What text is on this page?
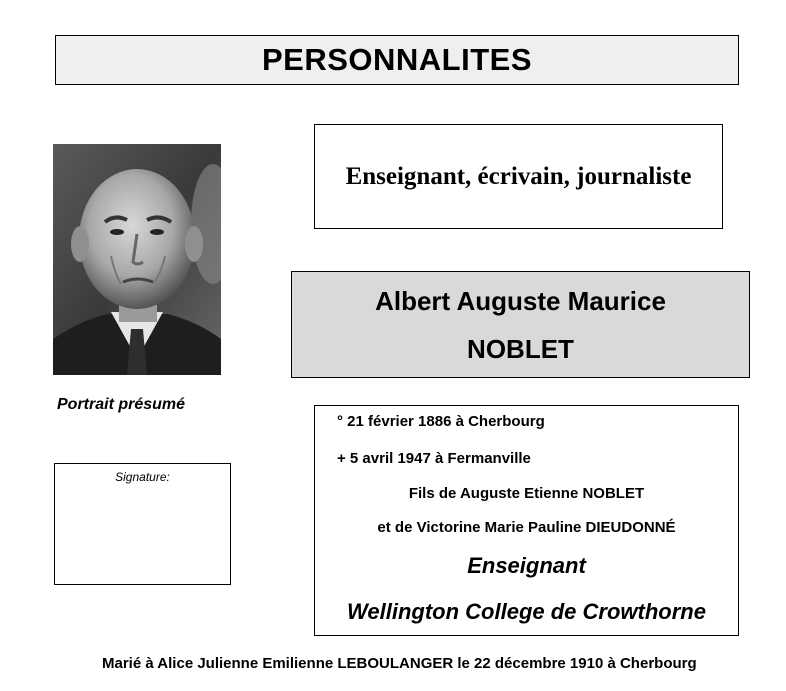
PERSONNALITES
Portrait présumé
Signature:
Enseignant, écrivain, journaliste
Albert Auguste Maurice
NOBLET
° 21 février 1886 à Cherbourg
+ 5 avril 1947 à Fermanville
Fils de Auguste Etienne NOBLET
et de Victorine Marie Pauline DIEUDONNÉ
Enseignant
Wellington College de Crowthorne
Marié à Alice Julienne Emilienne LEBOULANGER le 22 décembre 1910 à Cherbourg
